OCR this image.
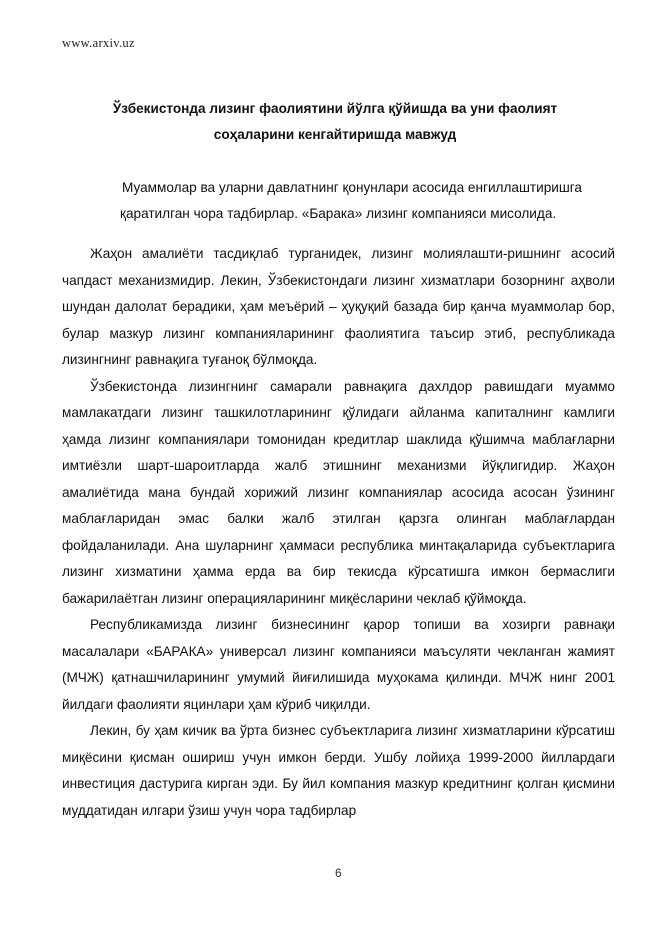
www.arxiv.uz
Ўзбекистонда лизинг фаолиятини йўлга қўйишда ва уни фаолият
соҳаларини кенгайтиришда мавжуд
Муаммолар ва уларни давлатнинг қонунлари асосида енгиллаштиришга
қаратилган чора тадбирлар. «Барака» лизинг компанияси мисолида.

Жаҳон амалиёти тасдиқлаб турганидек, лизинг молиялашти-ришнинг асосий чапдаст механизмидир. Лекин, Ўзбекистондаги лизинг хизматлари бозорнинг аҳволи шундан далолат берадики, ҳам меъёрий – ҳуқуқий базада бир қанча муаммолар бор, булар мазкур лизинг компанияларининг фаолиятига таъсир этиб, республикада лизингнинг равнақига туғаноқ бўлмоқда.

Ўзбекистонда лизингнинг самарали равнақига дахлдор равишдаги муаммо мамлакатдаги лизинг ташкилотларининг қўлидаги айланма капиталнинг камлиги ҳамда лизинг компаниялари томонидан кредитлар шаклида қўшимча маблағларни имтиёзли шарт-шароитларда жалб этишнинг механизми йўқлигидир. Жаҳон амалиётида мана бундай хорижий лизинг компаниялар асосида асосан ўзининг маблағларидан эмас балки жалб этилган қарзга олинган маблағлардан фойдаланилади. Ана шуларнинг ҳаммаси республика минтақаларида субъектларига лизинг хизматини ҳамма ерда ва бир текисда кўрсатишга имкон бермаслиги бажарилаётган лизинг операцияларининг миқёсларини чеклаб қўймоқда.

Республикамизда лизинг бизнесининг қарор топиши ва хозирги равнақи масалалари «БАРАКА» универсал лизинг компанияси маъсуляти чекланган жамият (МЧЖ) қатнашчиларининг умумий йиғилишида муҳокама қилинди. МЧЖ нинг 2001 йилдаги фаолияти яцинлари ҳам кўриб чиқилди.

Лекин, бу ҳам кичик ва ўрта бизнес субъектларига лизинг хизматларини кўрсатиш миқёсини қисман ошириш учун имкон берди. Ушбу лойиҳа 1999-2000 йиллардаги инвестиция дастурига кирган эди. Бу йил компания мазкур кредитнинг қолган қисмини муддатидан илгари ўзиш учун чора тадбирлар

6
